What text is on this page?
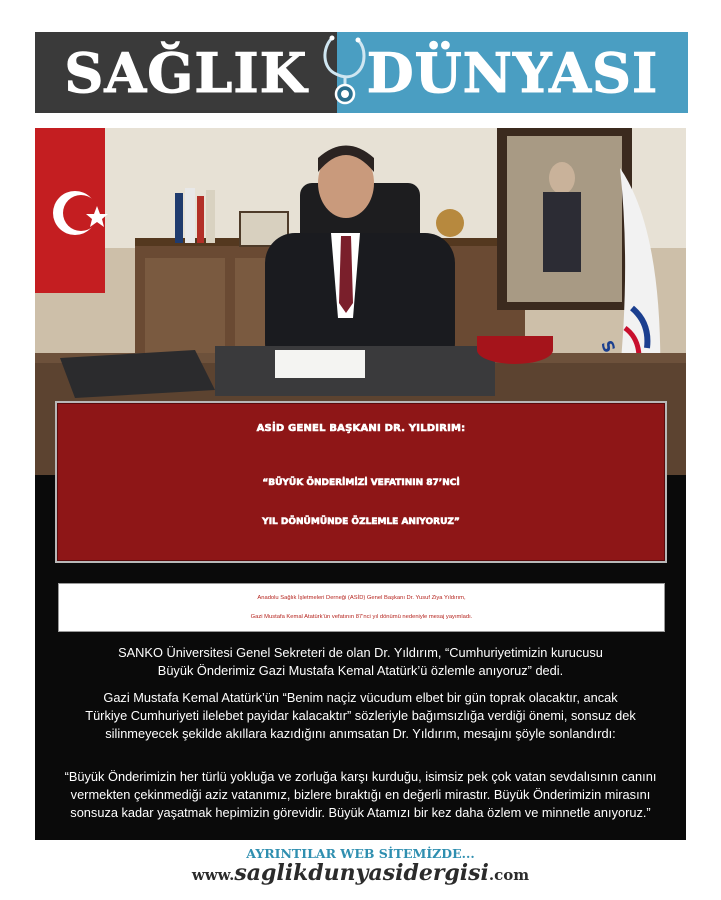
SAĞLIK DÜNYASI
ASİD GENEL BAŞKANI DR. YILDIRIM:
“BÜYÜK ÖNDERİMİZİ VEFATININ 87’NCİ
YIL DÖNÜMÜNDE ÖZLEMLE ANIYORUZ”

Anadolu Sağlık İşletmeleri Derneği (ASİD) Genel Başkanı Dr. Yusuf Ziya Yıldırım,

Gazi Mustafa Kemal Atatürk’ün vefatının 87’nci yıl dönümü nedeniyle mesaj yayımladı.

SANKO Üniversitesi Genel Sekreteri de olan Dr. Yıldırım, “Cumhuriyetimizin kurucusu
Büyük Önderimiz Gazi Mustafa Kemal Atatürk’ü özlemle anıyoruz” dedi.
Gazi Mustafa Kemal Atatürk’ün “Benim naçiz vücudum elbet bir gün toprak olacaktır, ancak
Türkiye Cumhuriyeti ilelebet payidar kalacaktır” sözleriyle bağımsızlığa verdiği önemi, sonsuz dek
silinmeyecek şekilde akıllara kazıdığını anımsatan Dr. Yıldırım, mesajını şöyle sonlandırdı:
“Büyük Önderimizin her türlü yokluğa ve zorluğa karşı kurduğu, isimsiz pek çok vatan sevdalısının canını
vermekten çekinmediği aziz vatanımız, bizlere bıraktığı en değerli mirastır. Büyük Önderimizin mirasını
sonsuza kadar yaşatmak hepimizin görevidir. Büyük Atamızı bir kez daha özlem ve minnetle anıyoruz.”
AYRINTILAR WEB SİTEMİZDE...
www.saglikdunyasidergisi.com
